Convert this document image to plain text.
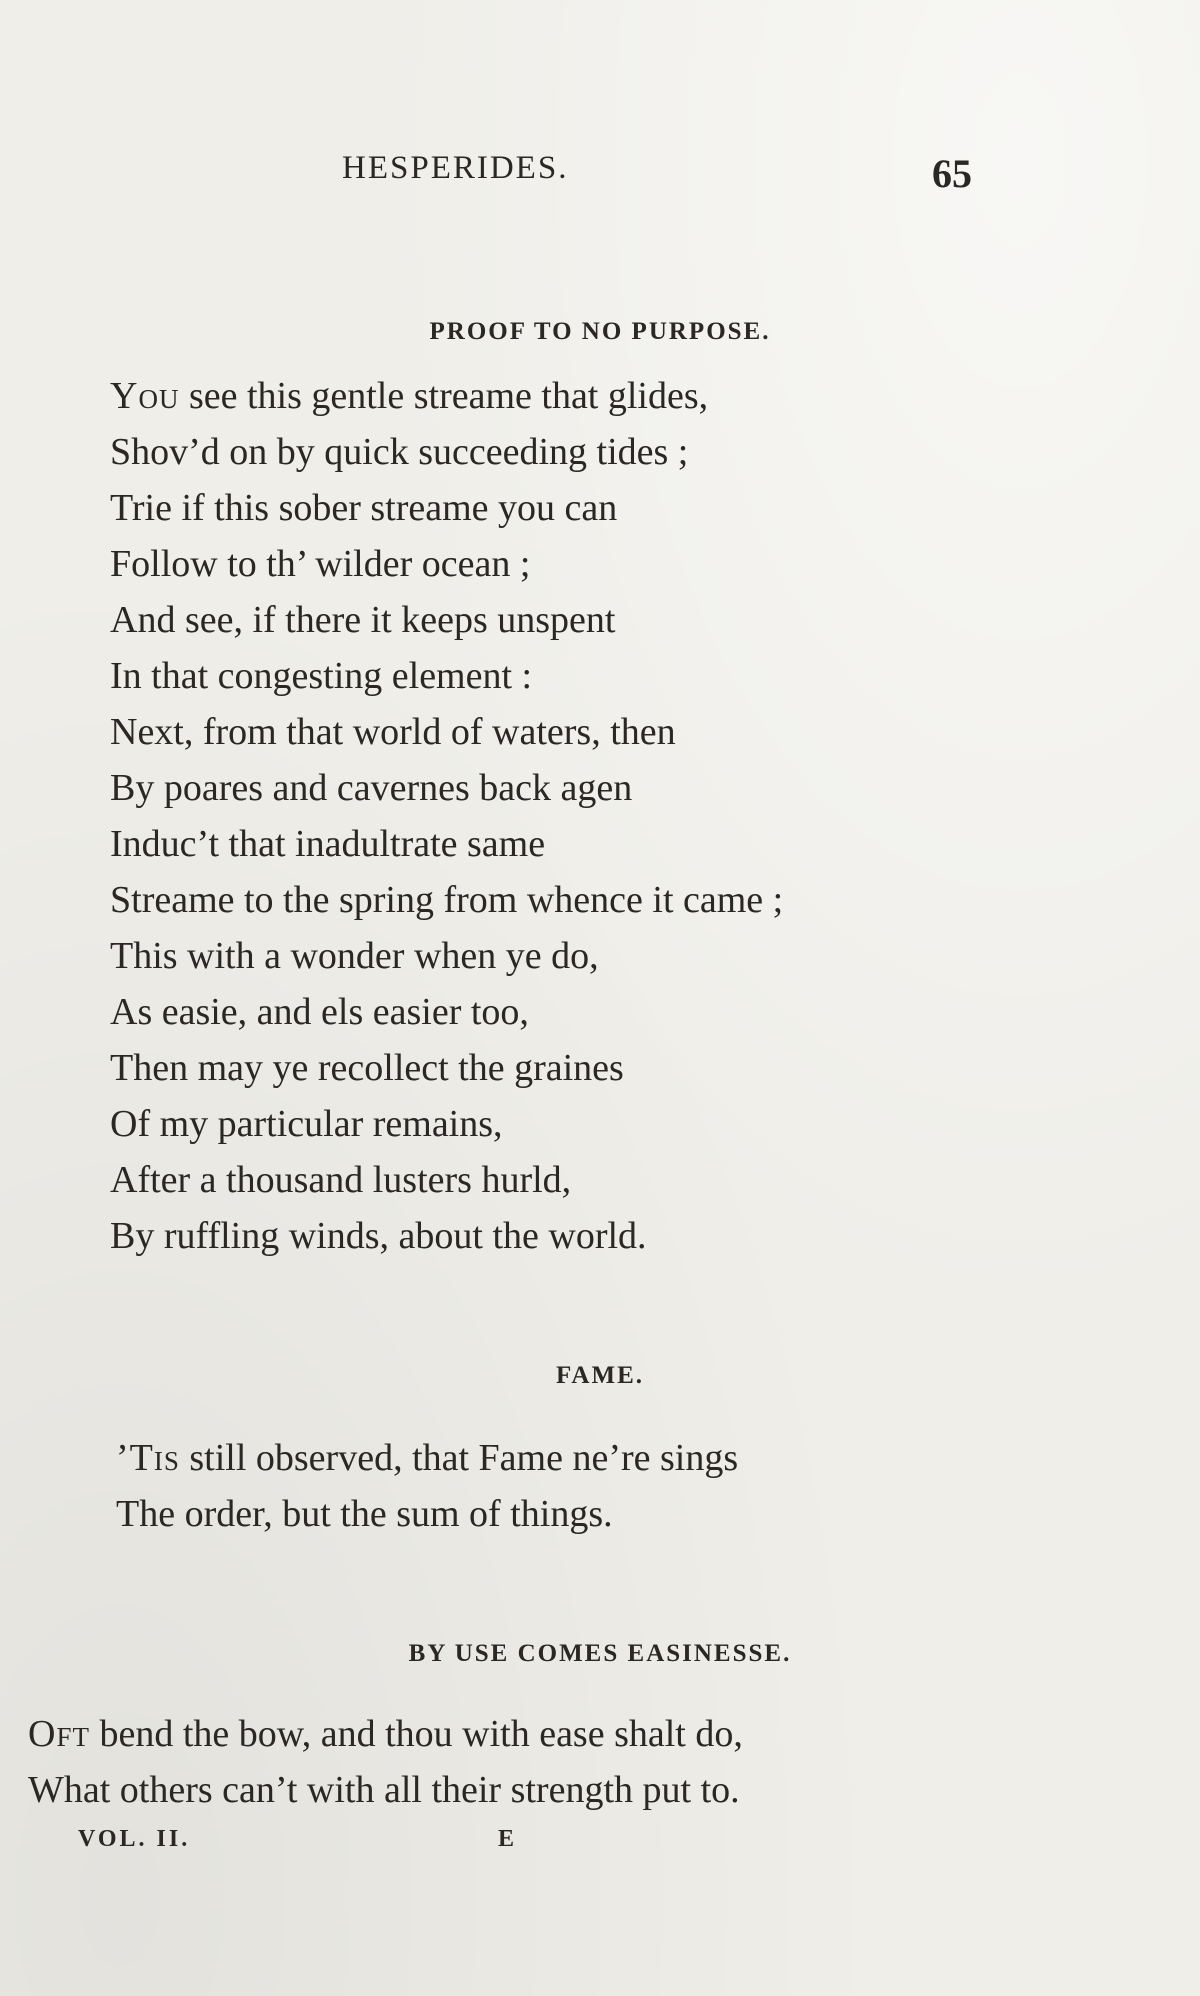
HESPERIDES.	65
PROOF TO NO PURPOSE.
You see this gentle streame that glides,
Shov’d on by quick succeeding tides ;
Trie if this sober streame you can
Follow to th’ wilder ocean ;
And see, if there it keeps unspent
In that congesting element :
Next, from that world of waters, then
By poares and cavernes back agen
Induc’t that inadultrate same
Streame to the spring from whence it came ;
This with a wonder when ye do,
As easie, and els easier too,
Then may ye recollect the graines
Of my particular remains,
After a thousand lusters hurld,
By ruffling winds, about the world.
FAME.
’Tis still observed, that Fame ne’re sings
The order, but the sum of things.
BY USE COMES EASINESSE.
Oft bend the bow, and thou with ease shalt do,
What others can’t with all their strength put to.
VOL. II.	E
